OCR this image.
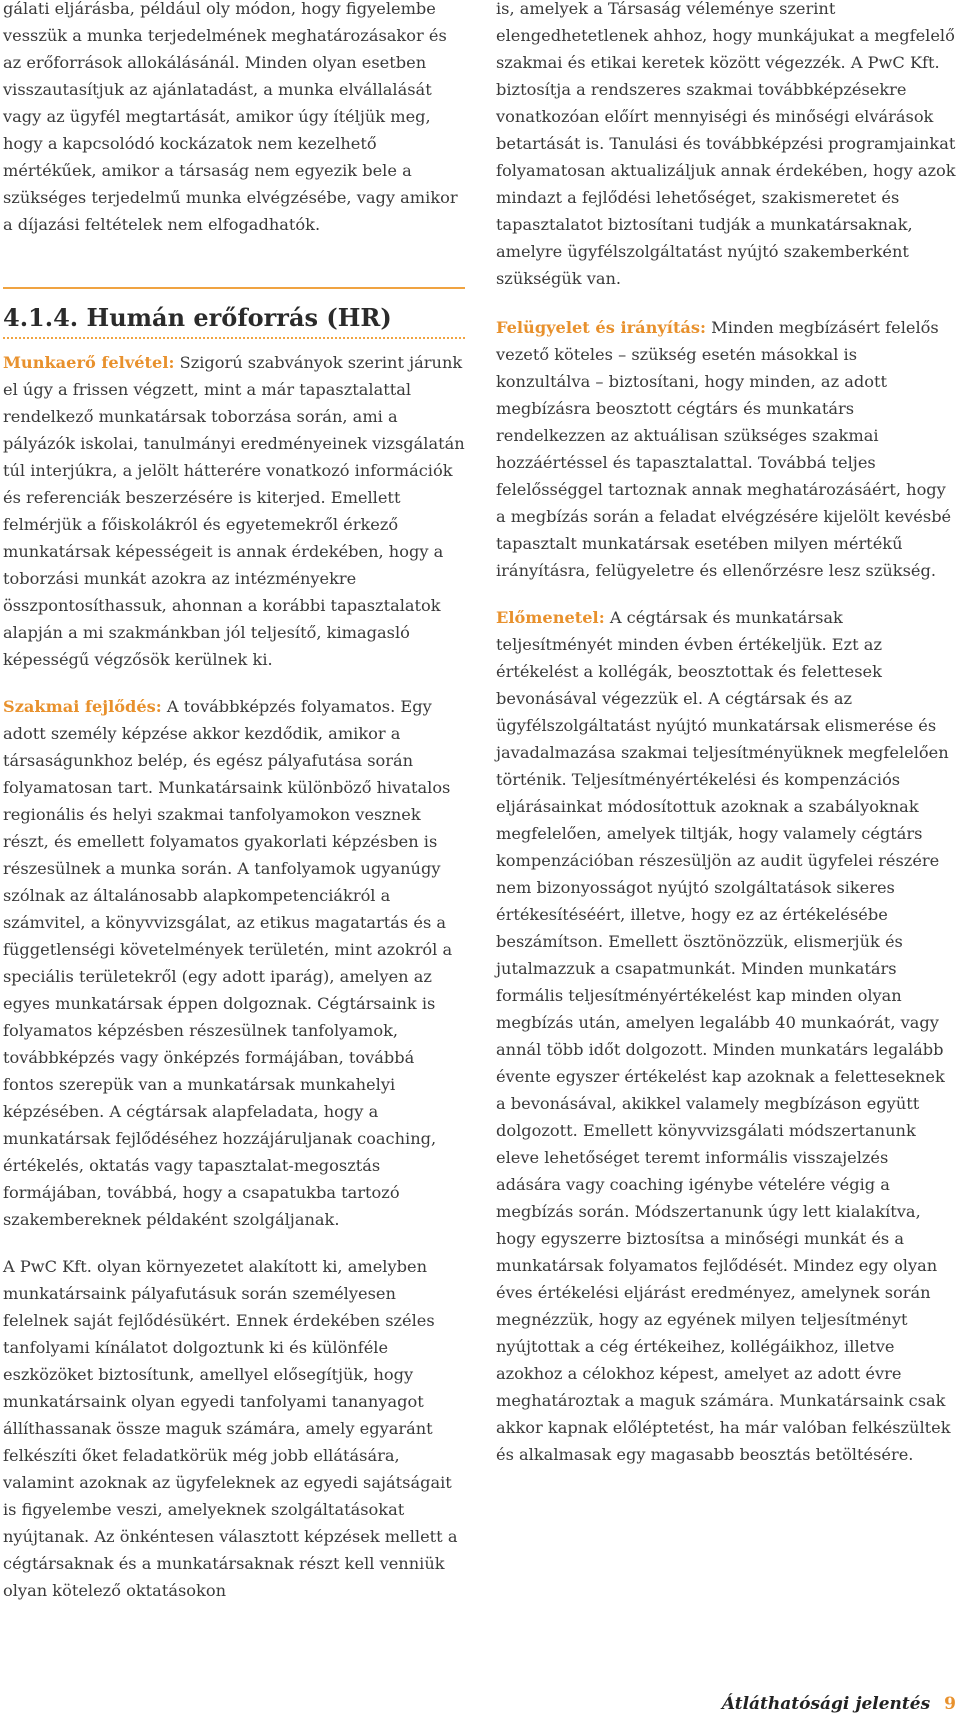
gálati eljárásba, például oly módon, hogy figyelembe vesszük a munka terjedelmének meghatározásakor és az erőforrások allokálásánál. Minden olyan esetben visszautasítjuk az ajánlatadást, a munka elvállalását vagy az ügyfél megtartását, amikor úgy ítéljük meg, hogy a kapcsolódó kockázatok nem kezelhető mértékűek, amikor a társaság nem egyezik bele a szükséges terjedelmű munka elvégzésébe, vagy amikor a díjazási feltételek nem elfogadhatók.

4.1.4. Humán erőforrás (HR)

Munkaerő felvétel: Szigorú szabványok szerint járunk el úgy a frissen végzett, mint a már tapasztalattal rendelkező munkatársak toborzása során, ami a pályázók iskolai, tanulmányi eredményeinek vizsgálatán túl interjúkra, a jelölt hátterére vonatkozó információk és referenciák beszerzésére is kiterjed. Emellett felmérjük a főiskolákról és egyetemekről érkező munkatársak képességeit is annak érdekében, hogy a toborzási munkát azokra az intézményekre összpontosíthassuk, ahonnan a korábbi tapasztalatok alapján a mi szakmánkban jól teljesítő, kimagasló képességű végzősök kerülnek ki.

Szakmai fejlődés: A továbbképzés folyamatos. Egy adott személy képzése akkor kezdődik, amikor a társaságunkhoz belép, és egész pályafutása során folyamatosan tart. Munkatársaink különböző hivatalos regionális és helyi szakmai tanfolyamokon vesznek részt, és emellett folyamatos gyakorlati képzésben is részesülnek a munka során. A tanfolyamok ugyanúgy szólnak az általánosabb alapkompetenciákról a számvitel, a könyvvizsgálat, az etikus magatartás és a függetlenségi követelmények területén, mint azokról a speciális területekről (egy adott iparág), amelyen az egyes munkatársak éppen dolgoznak. Cégtársaink is folyamatos képzésben részesülnek tanfolyamok, továbbképzés vagy önképzés formájában, továbbá fontos szerepük van a munkatársak munkahelyi képzésében. A cégtársak alapfeladata, hogy a munkatársak fejlődéséhez hozzájáruljanak coaching, értékelés, oktatás vagy tapasztalat-megosztás formájában, továbbá, hogy a csapatukba tartozó szakembereknek példaként szolgáljanak.

A PwC Kft. olyan környezetet alakított ki, amelyben munkatársaink pályafutásuk során személyesen felelnek saját fejlődésükért. Ennek érdekében széles tanfolyami kínálatot dolgoztunk ki és különféle eszközöket biztosítunk, amellyel elősegítjük, hogy munkatársaink olyan egyedi tanfolyami tananyagot állíthassanak össze maguk számára, amely egyaránt felkészíti őket feladatkörük még jobb ellátására, valamint azoknak az ügyfeleknek az egyedi sajátságait is figyelembe veszi, amelyeknek szolgáltatásokat nyújtanak. Az önkéntesen választott képzések mellett a cégtársaknak és a munkatársaknak részt kell venniük olyan kötelező oktatásokon

is, amelyek a Társaság véleménye szerint elengedhetetlenek ahhoz, hogy munkájukat a megfelelő szakmai és etikai keretek között végezzék. A PwC Kft. biztosítja a rendszeres szakmai továbbképzésekre vonatkozóan előírt mennyiségi és minőségi elvárások betartását is. Tanulási és továbbképzési programjainkat folyamatosan aktualizáljuk annak érdekében, hogy azok mindazt a fejlődési lehetőséget, szakismeretet és tapasztalatot biztosítani tudják a munkatársaknak, amelyre ügyfélszolgáltatást nyújtó szakemberként szükségük van.

Felügyelet és irányítás: Minden megbízásért felelős vezető köteles – szükség esetén másokkal is konzultálva – biztosítani, hogy minden, az adott megbízásra beosztott cégtárs és munkatárs rendelkezzen az aktuálisan szükséges szakmai hozzáértéssel és tapasztalattal. Továbbá teljes felelősséggel tartoznak annak meghatározásáért, hogy a megbízás során a feladat elvégzésére kijelölt kevésbé tapasztalt munkatársak esetében milyen mértékű irányításra, felügyeletre és ellenőrzésre lesz szükség.

Előmenetel: A cégtársak és munkatársak teljesítményét minden évben értékeljük. Ezt az értékelést a kollégák, beosztottak és felettesek bevonásával végezzük el. A cégtársak és az ügyfélszolgáltatást nyújtó munkatársak elismerése és javadalmazása szakmai teljesítményüknek megfelelően történik. Teljesítményértékelési és kompenzációs eljárásainkat módosítottuk azoknak a szabályoknak megfelelően, amelyek tiltják, hogy valamely cégtárs kompenzációban részesüljön az audit ügyfelei részére nem bizonyosságot nyújtó szolgáltatások sikeres értékesítéséért, illetve, hogy ez az értékelésébe beszámítson. Emellett ösztönözzük, elismerjük és jutalmazzuk a csapatmunkát. Minden munkatárs formális teljesítményértékelést kap minden olyan megbízás után, amelyen legalább 40 munkaórát, vagy annál több időt dolgozott. Minden munkatárs legalább évente egyszer értékelést kap azoknak a feletteseknek a bevonásával, akikkel valamely megbízáson együtt dolgozott. Emellett könyvvizsgálati módszertanunk eleve lehetőséget teremt informális visszajelzés adására vagy coaching igénybe vételére végig a megbízás során. Módszertanunk úgy lett kialakítva, hogy egyszerre biztosítsa a minőségi munkát és a munkatársak folyamatos fejlődését. Mindez egy olyan éves értékelési eljárást eredményez, amelynek során megnézzük, hogy az egyének milyen teljesítményt nyújtottak a cég értékeihez, kollégáikhoz, illetve azokhoz a célokhoz képest, amelyet az adott évre meghatároztak a maguk számára. Munkatársaink csak akkor kapnak előléptetést, ha már valóban felkészültek és alkalmasak egy magasabb beosztás betöltésére.

Átláthatósági jelentés 9
